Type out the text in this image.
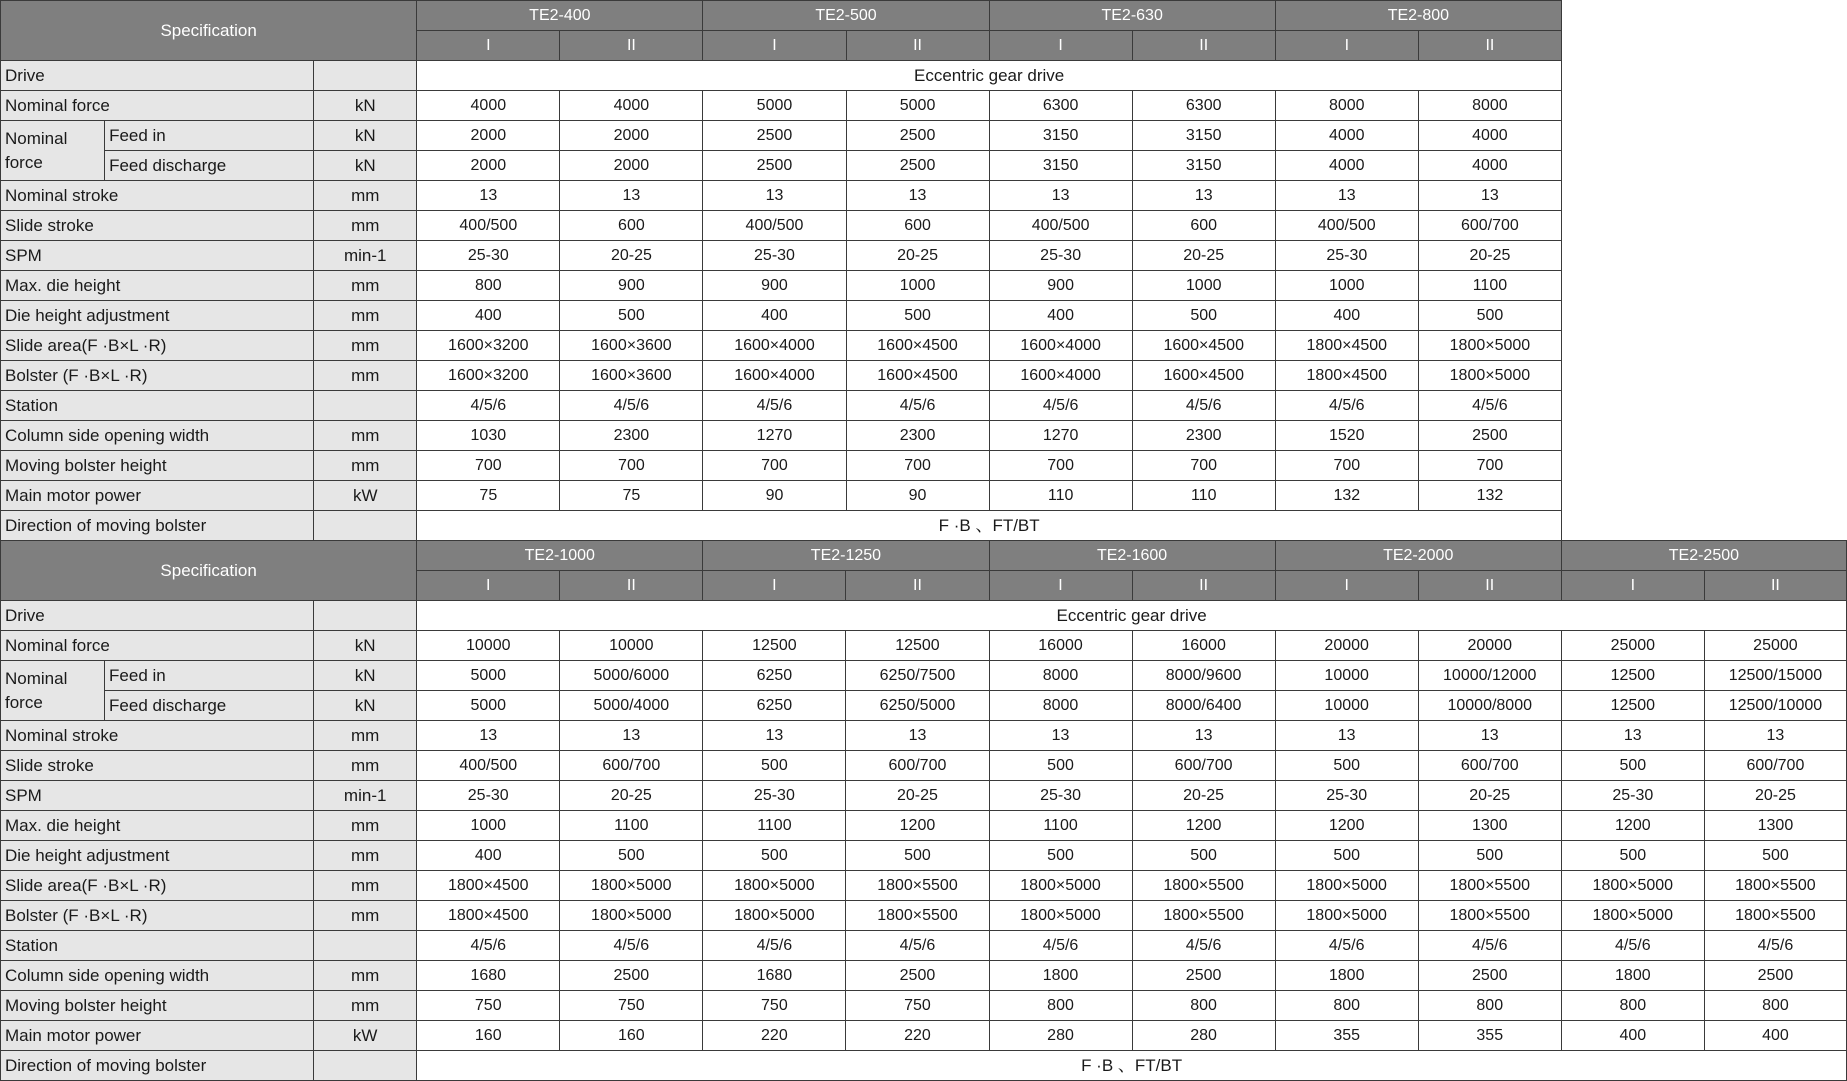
Specification			TE2-400		TE2-500		TE2-630		TE2-800	
			I	II	I	II	I	II	I	II
Drive			Eccentric gear drive							
Nominal force		kN	4000	4000	5000	5000	6300	6300	8000	8000
Nominal force	Feed in	kN	2000	2000	2500	2500	3150	3150	4000	4000
	Feed discharge	kN	2000	2000	2500	2500	3150	3150	4000	4000
Nominal stroke		mm	13	13	13	13	13	13	13	13
Slide stroke		mm	400/500	600	400/500	600	400/500	600	400/500	600/700
SPM		min-1	25-30	20-25	25-30	20-25	25-30	20-25	25-30	20-25
Max. die height		mm	800	900	900	1000	900	1000	1000	1100
Die height adjustment		mm	400	500	400	500	400	500	400	500
Slide area(F ·B×L ·R)		mm	1600×3200	1600×3600	1600×4000	1600×4500	1600×4000	1600×4500	1800×4500	1800×5000
Bolster (F ·B×L ·R)		mm	1600×3200	1600×3600	1600×4000	1600×4500	1600×4000	1600×4500	1800×4500	1800×5000
Station			4/5/6	4/5/6	4/5/6	4/5/6	4/5/6	4/5/6	4/5/6	4/5/6
Column side opening width		mm	1030	2300	1270	2300	1270	2300	1520	2500
Moving bolster height		mm	700	700	700	700	700	700	700	700
Main motor power		kW	75	75	90	90	110	110	132	132
Direction of moving bolster			F ·B 、FT/BT							
Specification			TE2-1000		TE2-1250		TE2-1600		TE2-2000		TE2-2500	
			I	II	I	II	I	II	I	II	I	II
Drive			Eccentric gear drive									
Nominal force		kN	10000	10000	12500	12500	16000	16000	20000	20000	25000	25000
Nominal force	Feed in	kN	5000	5000/6000	6250	6250/7500	8000	8000/9600	10000	10000/12000	12500	12500/15000
	Feed discharge	kN	5000	5000/4000	6250	6250/5000	8000	8000/6400	10000	10000/8000	12500	12500/10000
Nominal stroke		mm	13	13	13	13	13	13	13	13	13	13
Slide stroke		mm	400/500	600/700	500	600/700	500	600/700	500	600/700	500	600/700
SPM		min-1	25-30	20-25	25-30	20-25	25-30	20-25	25-30	20-25	25-30	20-25
Max. die height		mm	1000	1100	1100	1200	1100	1200	1200	1300	1200	1300
Die height adjustment		mm	400	500	500	500	500	500	500	500	500	500
Slide area(F ·B×L ·R)		mm	1800×4500	1800×5000	1800×5000	1800×5500	1800×5000	1800×5500	1800×5000	1800×5500	1800×5000	1800×5500
Bolster (F ·B×L ·R)		mm	1800×4500	1800×5000	1800×5000	1800×5500	1800×5000	1800×5500	1800×5000	1800×5500	1800×5000	1800×5500
Station			4/5/6	4/5/6	4/5/6	4/5/6	4/5/6	4/5/6	4/5/6	4/5/6	4/5/6	4/5/6
Column side opening width		mm	1680	2500	1680	2500	1800	2500	1800	2500	1800	2500
Moving bolster height		mm	750	750	750	750	800	800	800	800	800	800
Main motor power		kW	160	160	220	220	280	280	355	355	400	400
Direction of moving bolster			F ·B 、FT/BT									
